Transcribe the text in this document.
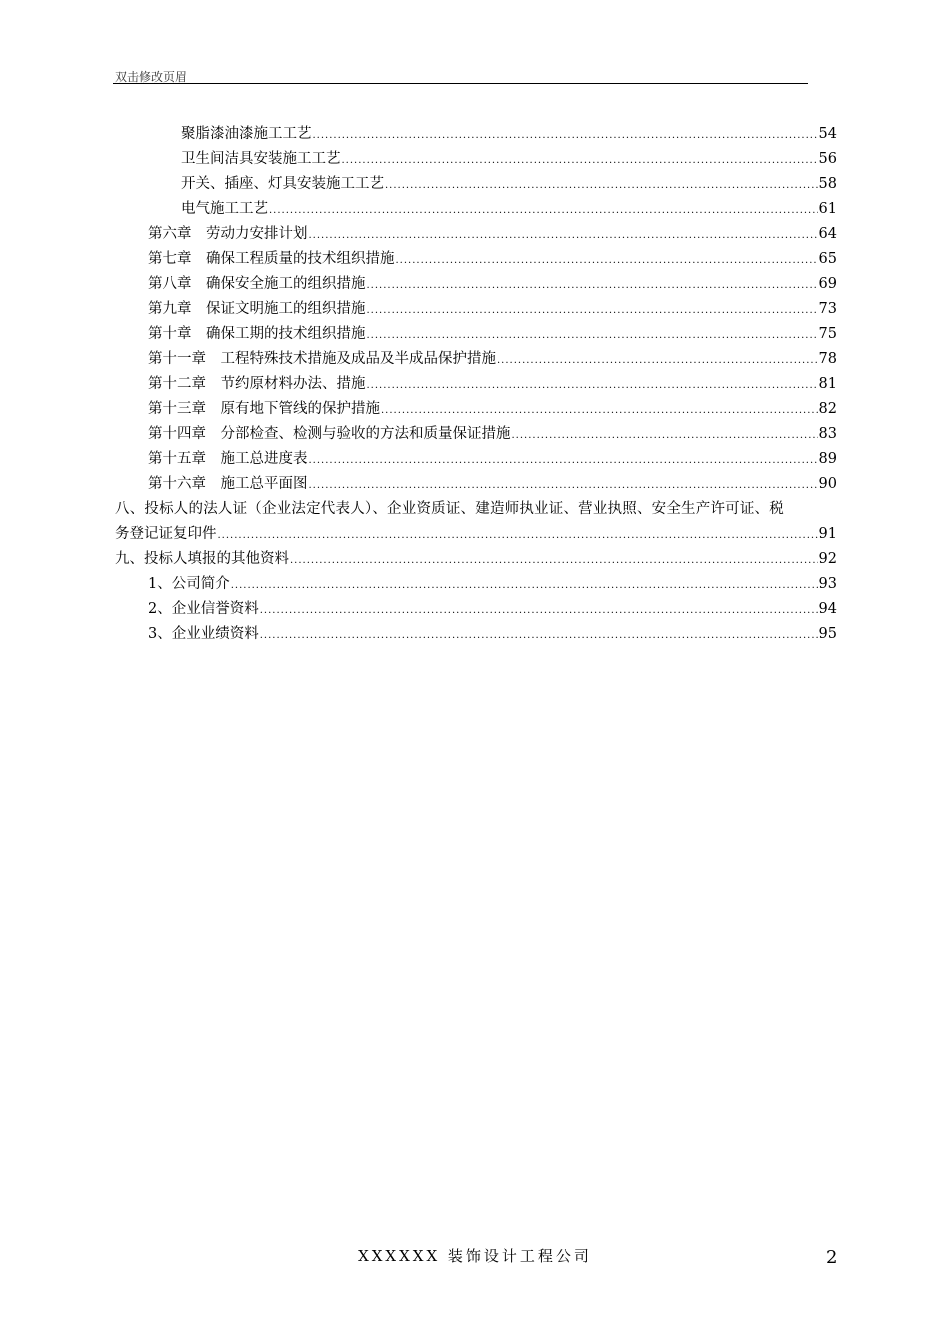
双击修改页眉
聚脂漆油漆施工工艺 .....	54
卫生间洁具安装施工工艺 .....	56
开关、插座、灯具安装施工工艺 .....	58
电气施工工艺 .....	61
第六章　劳动力安排计划 .....	64
第七章　确保工程质量的技术组织措施 .....	65
第八章　确保安全施工的组织措施 .....	69
第九章　保证文明施工的组织措施 .....	73
第十章　确保工期的技术组织措施 .....	75
第十一章　工程特殊技术措施及成品及半成品保护措施 .....	78
第十二章　节约原材料办法、措施 .....	81
第十三章　原有地下管线的保护措施 .....	82
第十四章　分部检查、检测与验收的方法和质量保证措施 .....	83
第十五章　施工总进度表 .....	89
第十六章　施工总平面图 .....	90
八、投标人的法人证（企业法定代表人）、企业资质证、建造师执业证、营业执照、安全生产许可证、税
务登记证复印件 .....	91
九、投标人填报的其他资料 .....	92
1、公司简介 .....	93
2、企业信誉资料 .....	94
3、企业业绩资料 .....	95
XXXXXX 装饰设计工程公司	2
